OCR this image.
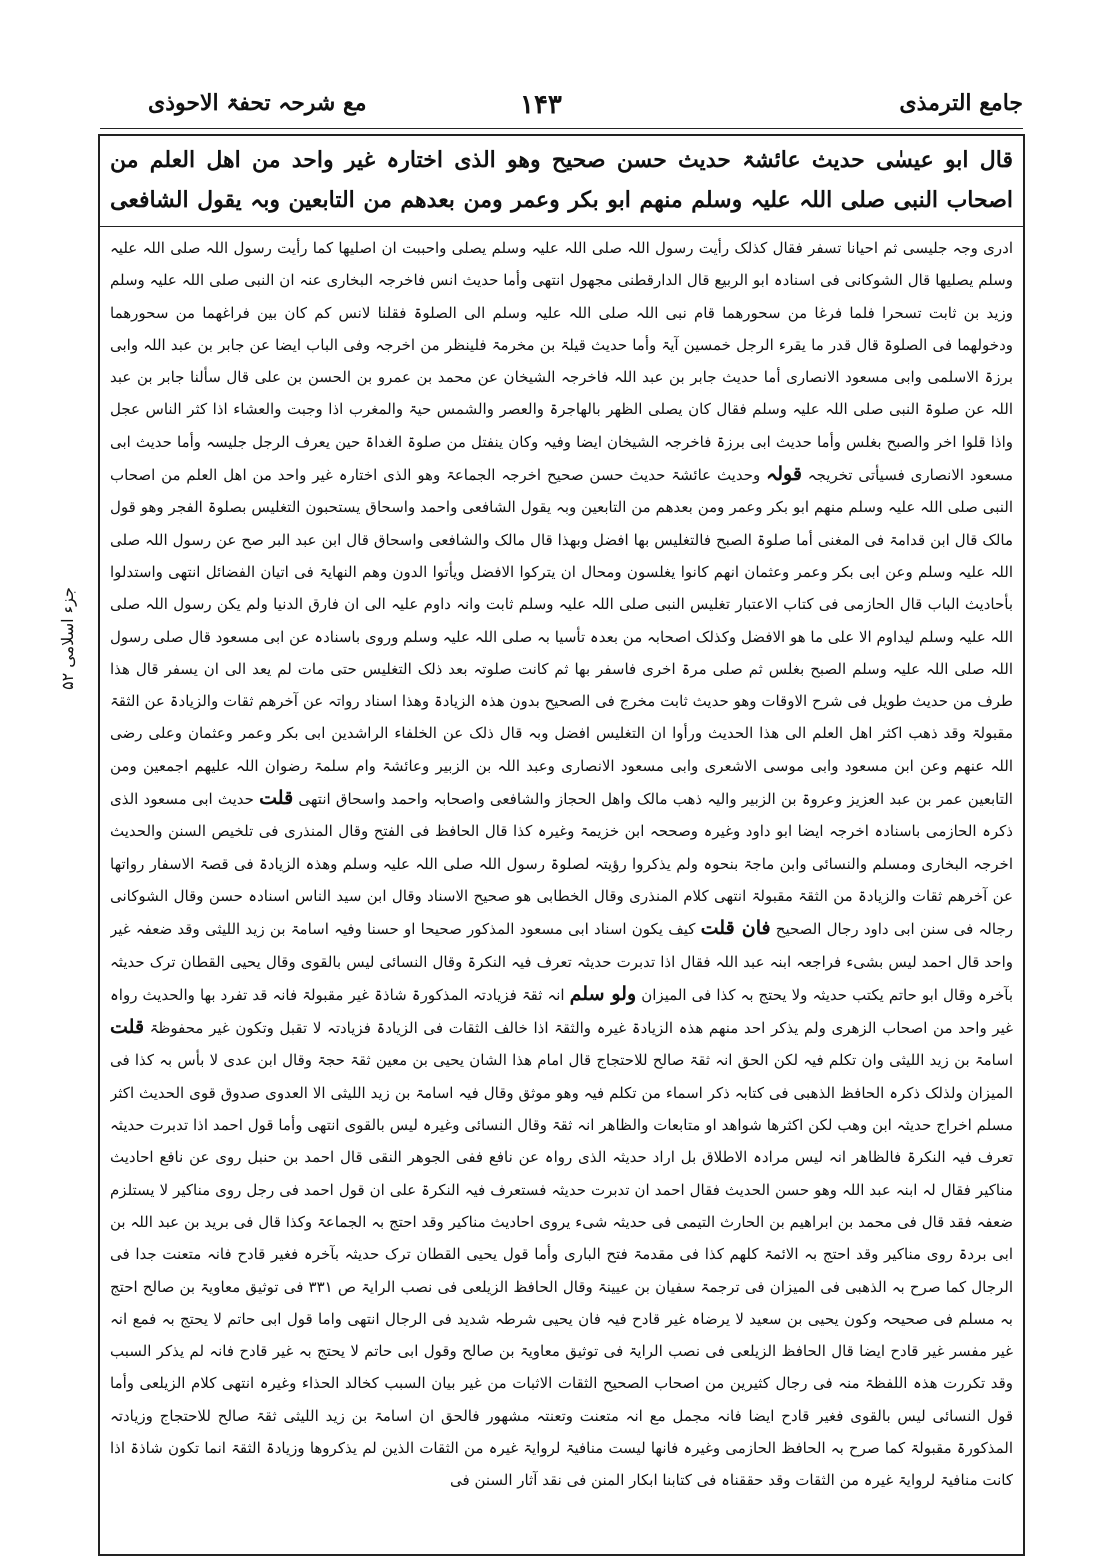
جامع الترمذی
۱۴۳
مع شرحہ تحفۃ الاحوذی
قال ابو عیسٰی حدیث عائشۃ حدیث حسن صحیح وھو الذی اختارہ غیر واحد من اھل العلم من اصحاب النبی صلی اللہ علیہ وسلم منھم ابو بکر وعمر ومن بعدھم من التابعین وبہ یقول الشافعی

ادری وجہ جلیسی ثم احیانا تسفر فقال کذلک رأیت رسول اللہ صلی اللہ علیہ وسلم یصلی واحببت ان اصلیھا کما رأیت رسول اللہ صلی اللہ علیہ وسلم یصلیھا قال الشوکانی فی اسنادہ ابو الربیع قال الدارقطنی مجھول انتھی وأما حدیث انس فاخرجہ البخاری عنہ ان النبی صلی اللہ علیہ وسلم وزید بن ثابت تسحرا فلما فرغا من سحورھما قام نبی اللہ صلی اللہ علیہ وسلم الی الصلوۃ فقلنا لانس کم کان بین فراغھما من سحورھما ودخولھما فی الصلوۃ قال قدر ما یقرء الرجل خمسین آیۃ وأما حدیث قیلۃ بن مخرمۃ فلینظر من اخرجہ وفی الباب ایضا عن جابر بن عبد اللہ وابی برزۃ الاسلمی وابی مسعود الانصاری أما حدیث جابر بن عبد اللہ فاخرجہ الشیخان عن محمد بن عمرو بن الحسن بن علی قال سألنا جابر بن عبد اللہ عن صلوۃ النبی صلی اللہ علیہ وسلم فقال کان یصلی الظھر بالھاجرۃ والعصر والشمس حیۃ والمغرب اذا وجبت والعشاء اذا کثر الناس عجل واذا قلوا اخر والصبح بغلس وأما حدیث ابی برزۃ فاخرجہ الشیخان ایضا وفیہ وکان ینفتل من صلوۃ الغداۃ حین یعرف الرجل جلیسہ وأما حدیث ابی مسعود الانصاری فسیأتی تخریجہ قولہ وحدیث عائشۃ حدیث حسن صحیح اخرجہ الجماعۃ وھو الذی اختارہ غیر واحد من اھل العلم من اصحاب النبی صلی اللہ علیہ وسلم منھم ابو بکر وعمر ومن بعدھم من التابعین وبہ یقول الشافعی واحمد واسحاق یستحبون التغلیس بصلوۃ الفجر وھو قول مالک قال ابن قدامۃ فی المغنی أما صلوۃ الصبح فالتغلیس بھا افضل وبھذا قال مالک والشافعی واسحاق قال ابن عبد البر صح عن رسول اللہ صلی اللہ علیہ وسلم وعن ابی بکر وعمر وعثمان انھم کانوا یغلسون ومحال ان یترکوا الافضل ویأتوا الدون وھم النھایۃ فی اتیان الفضائل انتھی واستدلوا بأحادیث الباب قال الحازمی فی کتاب الاعتبار تغلیس النبی صلی اللہ علیہ وسلم ثابت وانہ داوم علیہ الی ان فارق الدنیا ولم یکن رسول اللہ صلی اللہ علیہ وسلم لیداوم الا علی ما ھو الافضل وکذلک اصحابہ من بعدہ تأسیا بہ صلی اللہ علیہ وسلم وروی باسنادہ عن ابی مسعود قال صلی رسول اللہ صلی اللہ علیہ وسلم الصبح بغلس ثم صلی مرۃ اخری فاسفر بھا ثم کانت صلوتہ بعد ذلک التغلیس حتی مات لم یعد الی ان یسفر قال ھذا طرف من حدیث طویل فی شرح الاوقات وھو حدیث ثابت مخرج فی الصحیح بدون ھذہ الزیادۃ وھذا اسناد رواتہ عن آخرھم ثقات والزیادۃ عن الثقۃ مقبولۃ وقد ذھب اکثر اھل العلم الی ھذا الحدیث ورأوا ان التغلیس افضل وبہ قال ذلک عن الخلفاء الراشدین ابی بکر وعمر وعثمان وعلی رضی اللہ عنھم وعن ابن مسعود وابی موسی الاشعری وابی مسعود الانصاری وعبد اللہ بن الزبیر وعائشۃ وام سلمۃ رضوان اللہ علیھم اجمعین ومن التابعین عمر بن عبد العزیز وعروۃ بن الزبیر والیہ ذھب مالک واھل الحجاز والشافعی واصحابہ واحمد واسحاق انتھی قلت حدیث ابی مسعود الذی ذکرہ الحازمی باسنادہ اخرجہ ایضا ابو داود وغیرہ وصححہ ابن خزیمۃ وغیرہ کذا قال الحافظ فی الفتح وقال المنذری فی تلخیص السنن والحدیث اخرجہ البخاری ومسلم والنسائی وابن ماجۃ بنحوہ ولم یذکروا رؤیتہ لصلوۃ رسول اللہ صلی اللہ علیہ وسلم وھذہ الزیادۃ فی قصۃ الاسفار رواتھا عن آخرھم ثقات والزیادۃ من الثقۃ مقبولۃ انتھی کلام المنذری وقال الخطابی ھو صحیح الاسناد وقال ابن سید الناس اسنادہ حسن وقال الشوکانی رجالہ فی سنن ابی داود رجال الصحیح فان قلت کیف یکون اسناد ابی مسعود المذکور صحیحا او حسنا وفیہ اسامۃ بن زید اللیثی وقد ضعفہ غیر واحد قال احمد لیس بشیء فراجعہ ابنہ عبد اللہ فقال اذا تدبرت حدیثہ تعرف فیہ النکرۃ وقال النسائی لیس بالقوی وقال یحیی القطان ترک حدیثہ بآخرہ وقال ابو حاتم یکتب حدیثہ ولا یحتج بہ کذا فی المیزان ولو سلم انہ ثقۃ فزیادتہ المذکورۃ شاذۃ غیر مقبولۃ فانہ قد تفرد بھا والحدیث رواہ غیر واحد من اصحاب الزھری ولم یذکر احد منھم ھذہ الزیادۃ غیرہ والثقۃ اذا خالف الثقات فی الزیادۃ فزیادتہ لا تقبل وتکون غیر محفوظۃ قلت اسامۃ بن زید اللیثی وان تکلم فیہ لکن الحق انہ ثقۃ صالح للاحتجاج قال امام ھذا الشان یحیی بن معین ثقۃ حجۃ وقال ابن عدی لا بأس بہ کذا فی المیزان ولذلک ذکرہ الحافظ الذھبی فی کتابہ ذکر اسماء من تکلم فیہ وھو موثق وقال فیہ اسامۃ بن زید اللیثی الا العدوی صدوق قوی الحدیث اکثر مسلم اخراج حدیثہ ابن وھب لکن اکثرھا شواھد او متابعات والظاھر انہ ثقۃ وقال النسائی وغیرہ لیس بالقوی انتھی وأما قول احمد اذا تدبرت حدیثہ تعرف فیہ النکرۃ فالظاھر انہ لیس مرادہ الاطلاق بل اراد حدیثہ الذی رواہ عن نافع ففی الجوھر النقی قال احمد بن حنبل روی عن نافع احادیث مناکیر فقال لہ ابنہ عبد اللہ وھو حسن الحدیث فقال احمد ان تدبرت حدیثہ فستعرف فیہ النکرۃ علی ان قول احمد فی رجل روی مناکیر لا یستلزم ضعفہ فقد قال فی محمد بن ابراھیم بن الحارث التیمی فی حدیثہ شیء یروی احادیث مناکیر وقد احتج بہ الجماعۃ وکذا قال فی برید بن عبد اللہ بن ابی بردۃ روی مناکیر وقد احتج بہ الائمۃ کلھم کذا فی مقدمۃ فتح الباری وأما قول یحیی القطان ترک حدیثہ بآخرہ فغیر قادح فانہ متعنت جدا فی الرجال کما صرح بہ الذھبی فی المیزان فی ترجمۃ سفیان بن عیینۃ وقال الحافظ الزیلعی فی نصب الرایۃ ص ۳۳۱ فی توثیق معاویۃ بن صالح احتج بہ مسلم فی صحیحہ وکون یحیی بن سعید لا یرضاہ غیر قادح فیہ فان یحیی شرطہ شدید فی الرجال انتھی واما قول ابی حاتم لا یحتج بہ فمع انہ غیر مفسر غیر قادح ایضا قال الحافظ الزیلعی فی نصب الرایۃ فی توثیق معاویۃ بن صالح وقول ابی حاتم لا یحتج بہ غیر قادح فانہ لم یذکر السبب وقد تکررت ھذہ اللفظۃ منہ فی رجال کثیرین من اصحاب الصحیح الثقات الاثبات من غیر بیان السبب کخالد الحذاء وغیرہ انتھی کلام الزیلعی وأما قول النسائی لیس بالقوی فغیر قادح ایضا فانہ مجمل مع انہ متعنت وتعنتہ مشھور فالحق ان اسامۃ بن زید اللیثی ثقۃ صالح للاحتجاج وزیادتہ المذکورۃ مقبولۃ کما صرح بہ الحافظ الحازمی وغیرہ فانھا لیست منافیۃ لروایۃ غیرہ من الثقات الذین لم یذکروھا وزیادۃ الثقۃ انما تکون شاذۃ اذا کانت منافیۃ لروایۃ غیرہ من الثقات وقد حققناہ فی کتابنا ابکار المنن فی نقد آثار السنن فی

جزء اسلامی ۵۲
